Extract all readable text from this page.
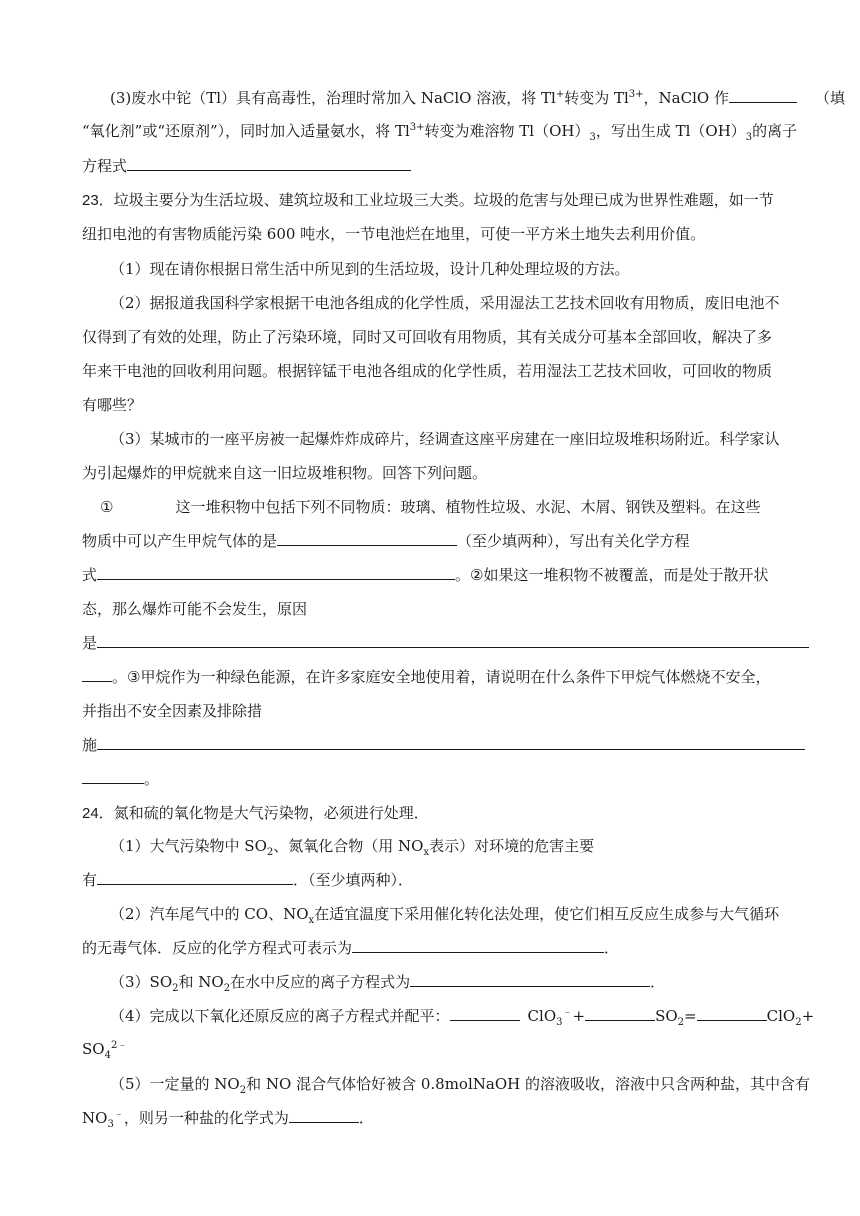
(3)废水中铊（Tl）具有高毒性，治理时常加入 NaClO 溶液，将 Tl+转变为 $Tl^{3+}$，NaClO 作	（填
“氧化剂”或“还原剂”），同时加入适量氨水，将 $Tl^{3+}$转变为难溶物 $Tl(OH)_3$，写出生成 $Tl(OH)_3$的离子
方程式
23．垃圾主要分为生活垃圾、建筑垃圾和工业垃圾三大类。垃圾的危害与处理已成为世界性难题，如一节
纽扣电池的有害物质能污染 600 吨水，一节电池烂在地里，可使一平方米土地失去利用价值。
（1）现在请你根据日常生活中所见到的生活垃圾，设计几种处理垃圾的方法。
（2）据报道我国科学家根据干电池各组成的化学性质，采用湿法工艺技术回收有用物质，废旧电池不
仅得到了有效的处理，防止了污染环境，同时又可回收有用物质，其有关成分可基本全部回收，解决了多
年来干电池的回收利用问题。根据锌锰干电池各组成的化学性质，若用湿法工艺技术回收，可回收的物质
有哪些？
（3）某城市的一座平房被一起爆炸炸成碎片，经调查这座平房建在一座旧垃圾堆积场附近。科学家认
为引起爆炸的甲烷就来自这一旧垃圾堆积物。回答下列问题。
①	这一堆积物中包括下列不同物质：玻璃、植物性垃圾、水泥、木屑、钢铁及塑料。在这些
物质中可以产生甲烷气体的是	（至少填两种），写出有关化学方程
式	。②如果这一堆积物不被覆盖，而是处于散开状
态，那么爆炸可能不会发生，原因
是
。③甲烷作为一种绿色能源，在许多家庭安全地使用着，请说明在什么条件下甲烷气体燃烧不安全，
并指出不安全因素及排除措
施
。
24．氮和硫的氧化物是大气污染物，必须进行处理．
（1）大气污染物中 $SO_2$、氮氧化合物（用 $NO_x$表示）对环境的危害主要
有	．（至少填两种）．
（2）汽车尾气中的 CO、$NO_x$在适宜温度下采用催化转化法处理，使它们相互反应生成参与大气循环
的无毒气体．反应的化学方程式可表示为	．
$(3)SO_2$和 $NO_2$在水中反应的离子方程式为	．
（4）完成以下氧化还原反应的离子方程式并配平：	ClO$_3$﹣+	$SO_2=$	ClO$_2$+
$SO_4^{2﹣}$
（5）一定量的 $NO_2$和 NO 混合气体恰好被含 0.8molNaOH 的溶液吸收，溶液中只含两种盐，其中含有
$NO_3^﹣$，则另一种盐的化学式为	．
